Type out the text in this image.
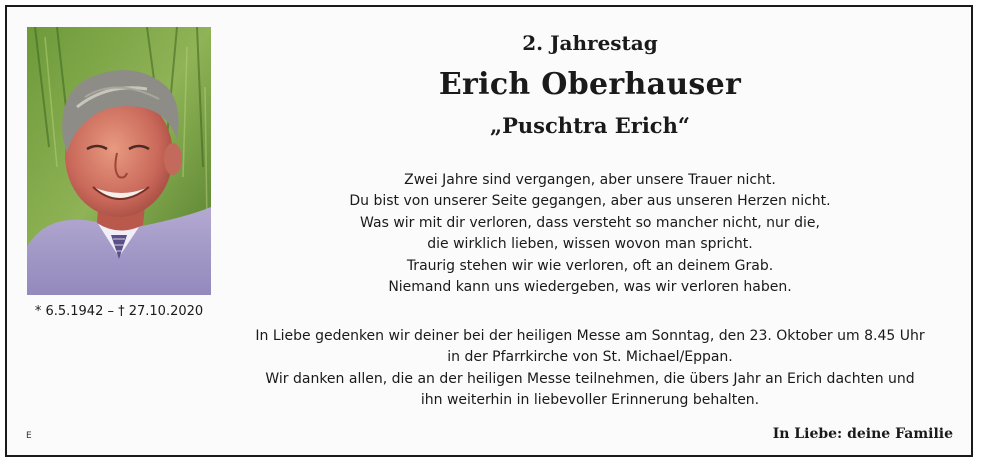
* 6.5.1942 – † 27.10.2020
2. Jahrestag
Erich Oberhauser
„Puschtra Erich“
Zwei Jahre sind vergangen, aber unsere Trauer nicht.
Du bist von unserer Seite gegangen, aber aus unseren Herzen nicht.
Was wir mit dir verloren, dass versteht so mancher nicht, nur die,
die wirklich lieben, wissen wovon man spricht.
Traurig stehen wir wie verloren, oft an deinem Grab.
Niemand kann uns wiedergeben, was wir verloren haben.
In Liebe gedenken wir deiner bei der heiligen Messe am Sonntag, den 23. Oktober um 8.45 Uhr
in der Pfarrkirche von St. Michael/Eppan.
Wir danken allen, die an der heiligen Messe teilnehmen, die übers Jahr an Erich dachten und
ihn weiterhin in liebevoller Erinnerung behalten.
E	In Liebe: deine Familie
